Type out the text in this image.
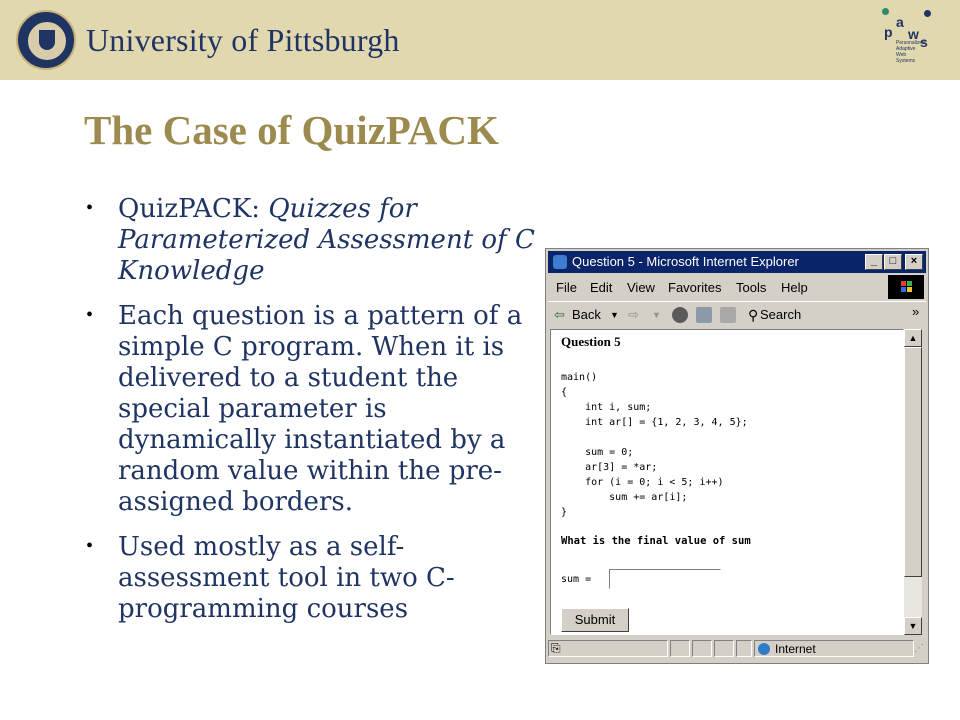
University of Pittsburgh	p
a
w s
Personalized
Adaptive
Web
Systems
The Case of QuizPACK
• QuizPACK: Quizzes for Parameterized Assessment of C Knowledge
• Each question is a pattern of a simple C program. When it is delivered to a student the special parameter is dynamically instantiated by a random value within the pre-assigned borders.
• Used mostly as a self-assessment tool in two C-programming courses
Question 5 - Microsoft Internet Explorer	_	□	×
File Edit View Favorites Tools Help
⇦ Back ▼ ⇨ ▼	⚲ Search	»
Question 5
main()
{
int i, sum;
int ar[] = {1, 2, 3, 4, 5};

sum = 0;
ar[3] = *ar;
for (i = 0; i < 5; i++)
sum += ar[i];
}
What is the final value of sum
sum =
Submit
▲
▼
⎘	Internet	⋰
